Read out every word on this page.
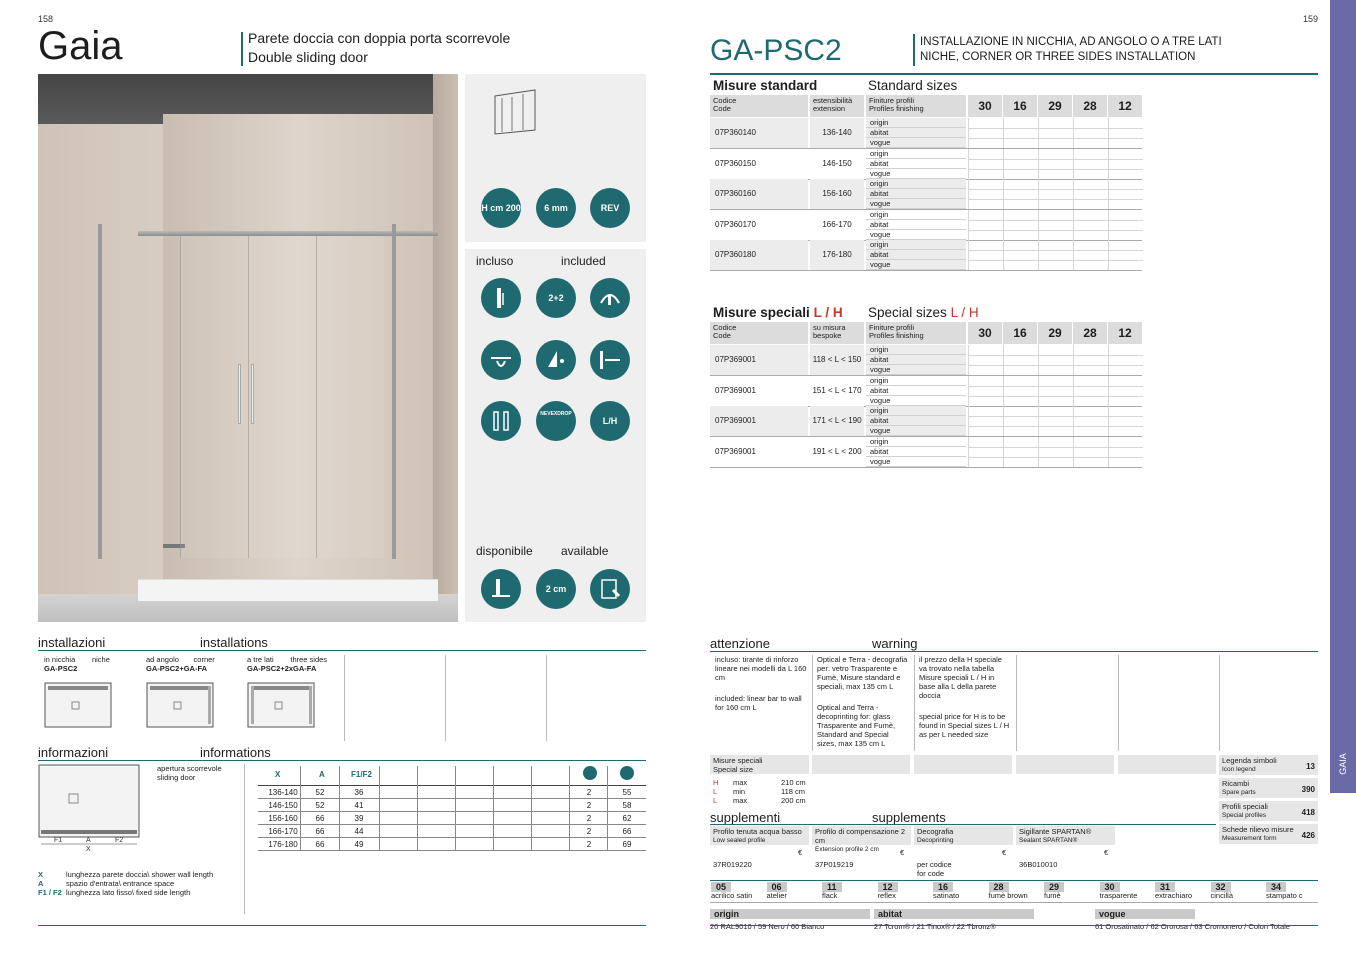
158
Gaia	Parete doccia con doppia porta scorrevole
Double sliding door
H cm 200	6 mm	REV
incluso	included
2+2
NEVEXDROP
L/H
disponibile available
2 cm
installazioni	installations
in nicchia niche
GA-PSC2
ad angolo corner
GA-PSC2+GA-FA
a tre lati three sides
GA-PSC2+2xGA-FA
informazioni	informations
F1	A	F2
X
apertura scorrevole
sliding door	X	A	F1/F2
136-140	52	36	2	55
146-150	52	41	2	58
156-160	66	39	2	62
166-170	66	44	2	66
176-180	66	49	2	69
X	lunghezza parete doccia\ shower wall length
A	spazio d'entrata\ entrance space
F1 / F2 lunghezza lato fisso\ fixed side length
159
GA-PSC2	INSTALLAZIONE IN NICCHIA, AD ANGOLO O A TRE LATI
NICHE, CORNER OR THREE SIDES INSTALLATION
GAIA
Misure standard	Standard sizes
Codice
Code
estensibilità
extension
Finiture profili
Profiles finishing	30	16	29	28	12
07P360140	136-140
origin
abitat
vogue
07P360150	146-150
origin
abitat
vogue
07P360160	156-160
origin
abitat
vogue
07P360170	166-170
origin
abitat
vogue
07P360180	176-180
origin
abitat
vogue
Misure speciali L / H Special sizes L / H
Codice
Code
su misura
bespoke
Finiture profili
Profiles finishing	30	16	29	28	12
07P369001	118 < L < 150
origin
abitat
vogue
07P369001	151 < L < 170
origin
abitat
vogue
07P369001	171 < L < 190
origin
abitat
vogue
07P369001	191 < L < 200
origin
abitat
vogue
attenzione	warning
incluso: tirante di rinforzo lineare nei modelli da L 160 cm
included: linear bar to wall for 160 cm L
Optical e Terra - decografia per: vetro Trasparente e Fumè, Misure standard e speciali, max 135 cm L
Optical and Terra - decoprinting for: glass Trasparente and Fumè, Standard and Special sizes, max 135 cm L
il prezzo della H speciale va trovato nella tabella Misure speciali L / H in base alla L della parete doccia
special price for H is to be found in Special sizes L / H as per L needed size
Misure speciali
Special size
H max	210 cm
L min	118 cm
L max	200 cm
Legenda simboli
Icon legend	13
Ricambi
Spare parts	390
Profili speciali
Special profiles	418
Schede rilievo misure
Measurement form	426
supplementi	supplements
Profilo tenuta acqua basso
Low sealed profile
€
37R019220
Profilo di compensazione 2 cm
Extension profile 2 cm	€
37P019219
Decografia
Decoprinting
€
per codice
for code
Sigillante SPARTAN®
Sealant SPARTAN®
€
36B010010
05
acrilico satin
06
atelier
11
flack
12
reflex
16
satinato
28
fumè brown
29
fumè
30
trasparente
31
extrachiaro
32
cincillà
34
stampato c
origin
20 RAL9010 / 59 Nero / 60 Bianco
abitat
27 Tcrom® / 21 Tinox® / 22 Tbronz®
vogue
61 Orosatinato / 62 Ororosa / 63 Cromonero / Colori Totale
